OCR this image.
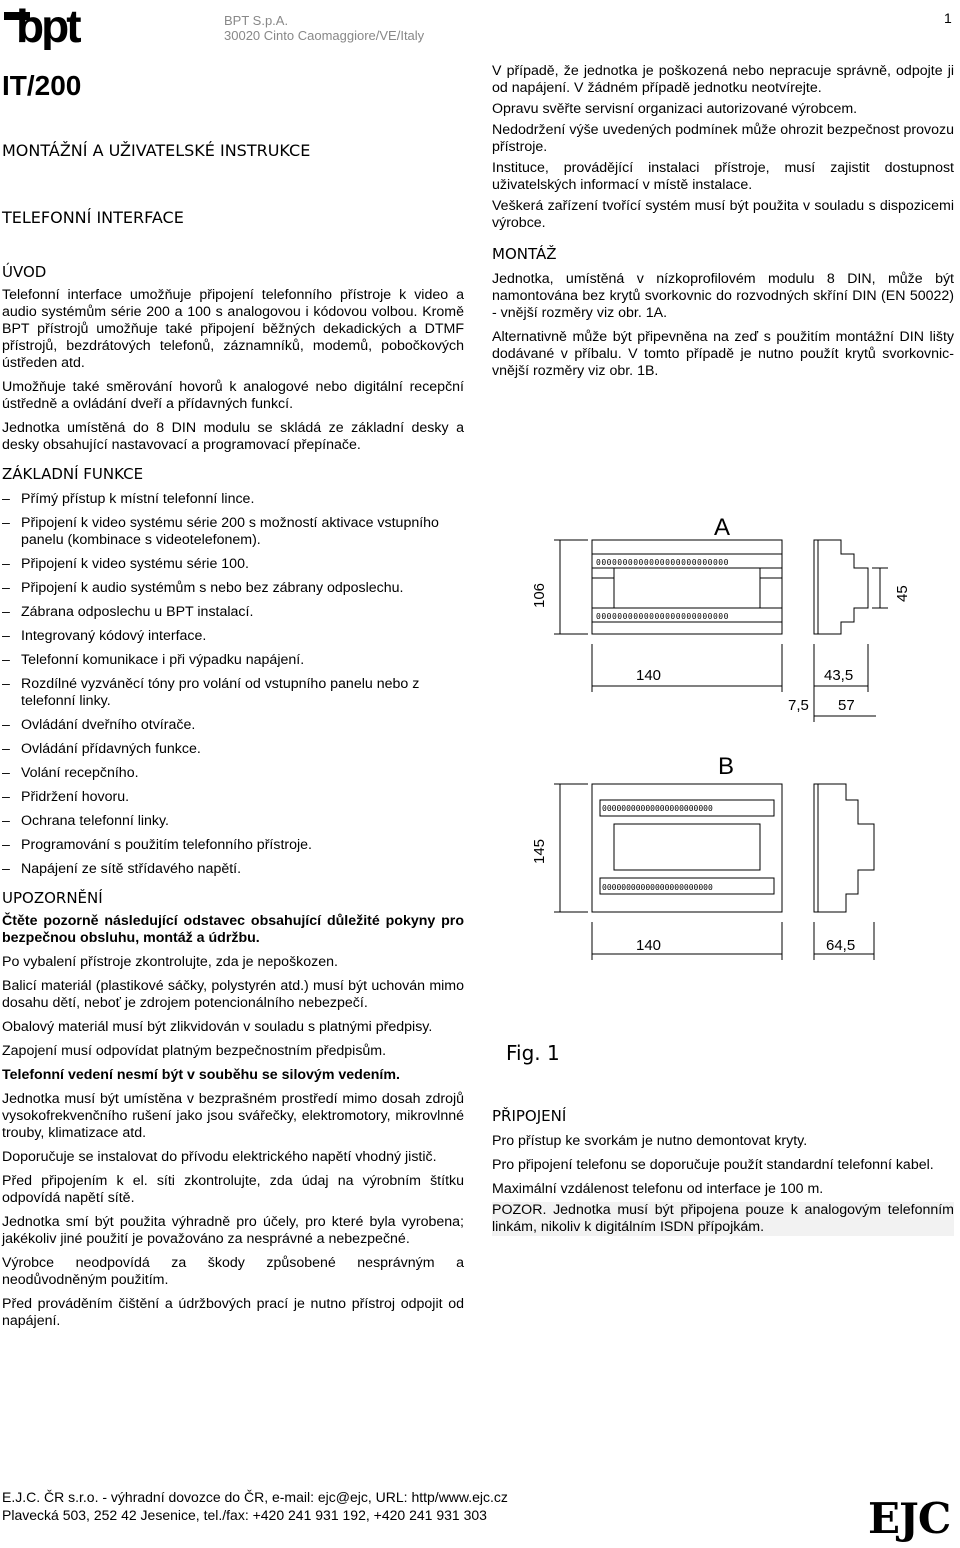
bpt	BPT S.p.A.
30020 Cinto Caomaggiore/VE/Italy
1
IT/200
MONTÁŽNÍ A UŽIVATELSKÉ INSTRUKCE
TELEFONNÍ INTERFACE
ÚVOD

Telefonní interface umožňuje připojení telefonního přístroje k video a audio systémům série 200 a 100 s analogovou i kódovou volbou. Kromě BPT přístrojů umožňuje také připojení běžných dekadických a DTMF přístrojů, bezdrátových telefonů, záznamníků, modemů, pobočkových ústředen atd.

Umožňuje také směrování hovorů k analogové nebo digitální recepční ústředně a ovládání dveří a přídavných funkcí.

Jednotka umístěná do 8 DIN modulu se skládá ze základní desky a desky obsahující nastavovací a programovací přepínače.

ZÁKLADNÍ FUNKCE
– Přímý přístup k místní telefonní lince.
– Připojení k video systému série 200 s možností aktivace vstupního panelu (kombinace s videotelefonem).
– Připojení k video systému série 100.
– Připojení k audio systémům s nebo bez zábrany odposlechu.
– Zábrana odposlechu u BPT instalací.
– Integrovaný kódový interface.
– Telefonní komunikace i při výpadku napájení.
– Rozdílné vyzváněcí tóny pro volání od vstupního panelu nebo z telefonní linky.
– Ovládání dveřního otvírače.
– Ovládání přídavných funkce.
– Volání recepčního.
– Přidržení hovoru.
– Ochrana telefonní linky.
– Programování s použitím telefonního přístroje.
– Napájení ze sítě střídavého napětí.
UPOZORNĚNÍ

Čtěte pozorně následující odstavec obsahující důležité pokyny pro bezpečnou obsluhu, montáž a údržbu.

Po vybalení přístroje zkontrolujte, zda je nepoškozen.

Balicí materiál (plastikové sáčky, polystyrén atd.) musí být uchován mimo dosahu dětí, neboť je zdrojem potencionálního nebezpečí.

Obalový materiál musí být zlikvidován v souladu s platnými předpisy.

Zapojení musí odpovídat platným bezpečnostním předpisům.

Telefonní vedení nesmí být v souběhu se silovým vedením.

Jednotka musí být umístěna v bezprašném prostředí mimo dosah zdrojů vysokofrekvenčního rušení jako jsou svářečky, elektromotory, mikrovlnné trouby, klimatizace atd.

Doporučuje se instalovat do přívodu elektrického napětí vhodný jistič.

Před připojením k el. síti zkontrolujte, zda údaj na výrobním štítku odpovídá napětí sítě.

Jednotka smí být použita výhradně pro účely, pro které byla vyrobena; jakékoliv jiné použití je považováno za nesprávné a nebezpečné.

Výrobce neodpovídá za škody způsobené nesprávným a neodůvodněným použitím.

Před prováděním čištění a údržbových prací je nutno přístroj odpojit od napájení.

V případě, že jednotka je poškozená nebo nepracuje správně, odpojte ji od napájení. V žádném případě jednotku neotvírejte.

Opravu svěřte servisní organizaci autorizované výrobcem.

Nedodržení výše uvedených podmínek může ohrozit bezpečnost provozu přístroje.

Instituce, provádějící instalaci přístroje, musí zajistit dostupnost uživatelských informací v místě instalace.

Veškerá zařízení tvořící systém musí být použita v souladu s dispozicemi výrobce.

MONTÁŽ

Jednotka, umístěná v nízkoprofilovém modulu 8 DIN, může být namontována bez krytů svorkovnic do rozvodných skříní DIN (EN 50022) - vnější rozměry viz obr. 1A.

Alternativně může být připevněna na zeď s použitím montážní DIN lišty dodávané v příbalu. V tomto případě je nutno použít krytů svorkovnic- vnější rozměry viz obr. 1B.

0000000000000000000000000
0000000000000000000000000
A
106	45
140	43,5
7,5 57
B
00000000000000000000000
00000000000000000000000
145
140	64,5
Fig. 1
PŘIPOJENÍ

Pro přístup ke svorkám je nutno demontovat kryty.

Pro připojení telefonu se doporučuje použít standardní telefonní kabel.

Maximální vzdálenost telefonu od interface je 100 m.

POZOR. Jednotka musí být připojena pouze k analogovým telefonním linkám, nikoliv k digitálním ISDN přípojkám.

E.J.C. ČR s.r.o. - výhradní dovozce do ČR, e-mail: ejc@ejc, URL: http/www.ejc.cz
Plavecká 503, 252 42 Jesenice, tel./fax: +420 241 931 192, +420 241 931 303	EJC
